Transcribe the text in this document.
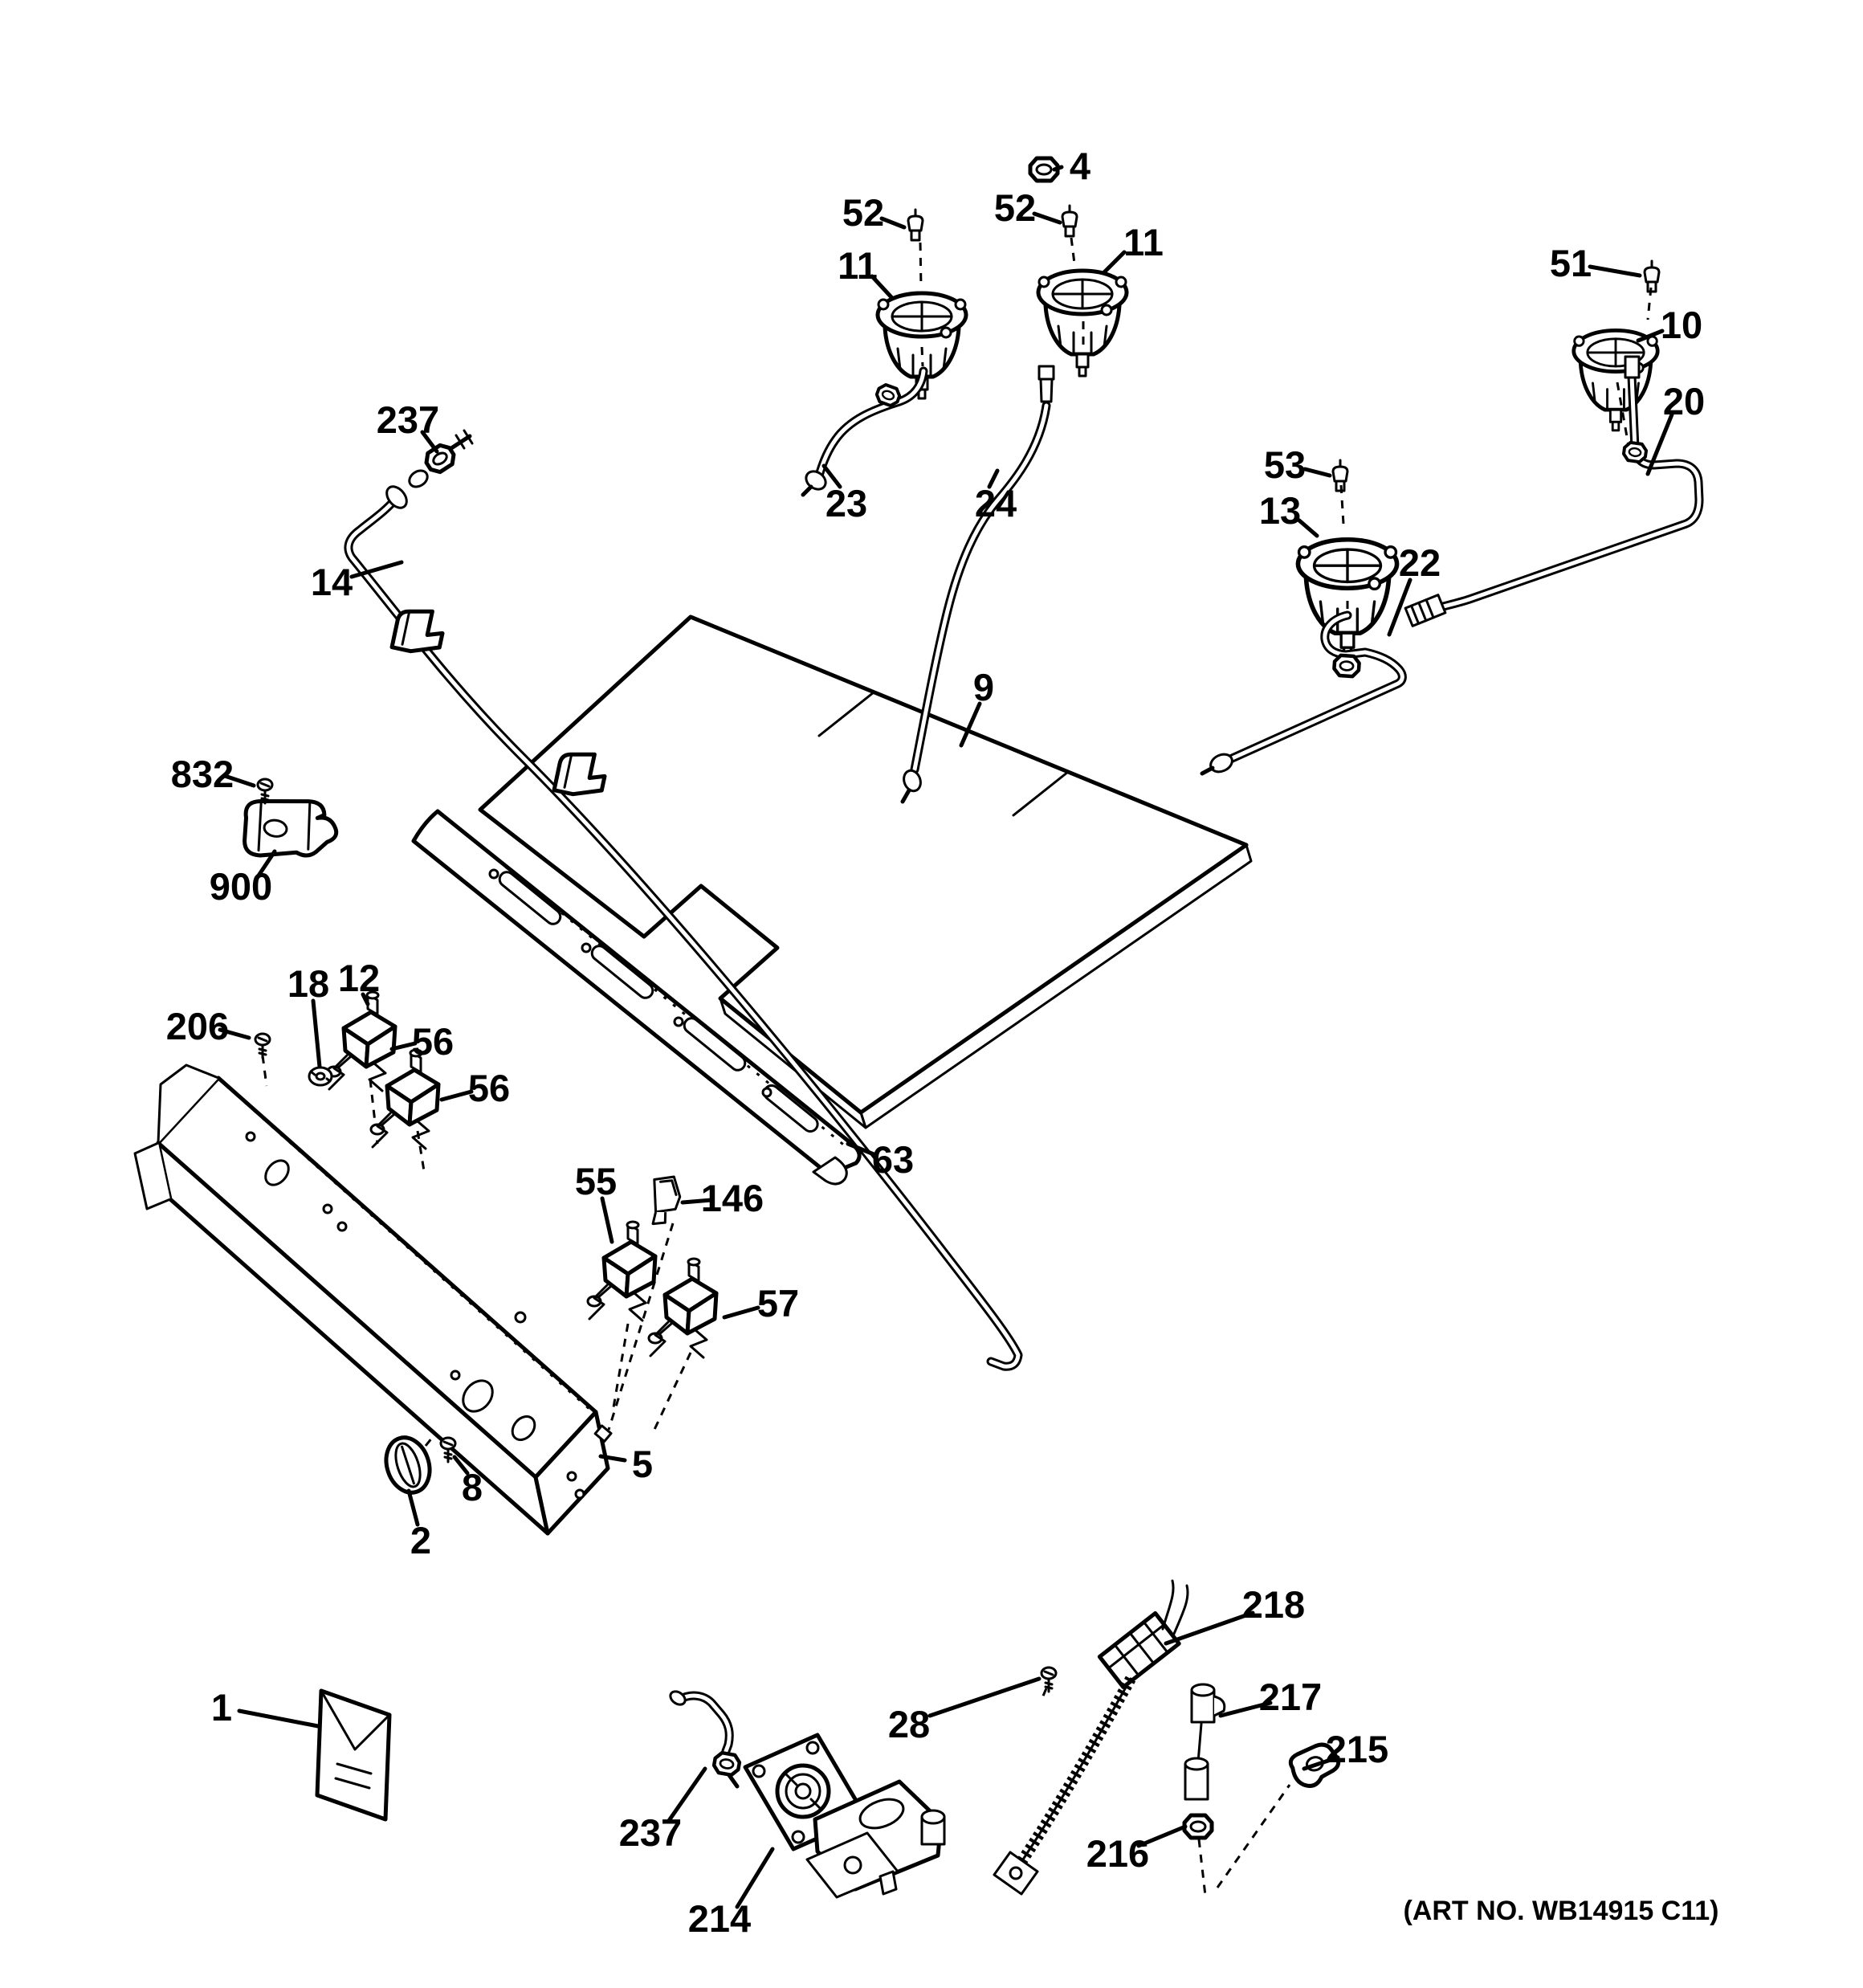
4
52	52
11
11	51
10
20
237
23	24
53
13
22
14
9
832
900
206
18 12
56
56
63
55 146
57
5
8
2
1
237
214
28
218
217
215
216
(ART NO. WB14915 C11)
